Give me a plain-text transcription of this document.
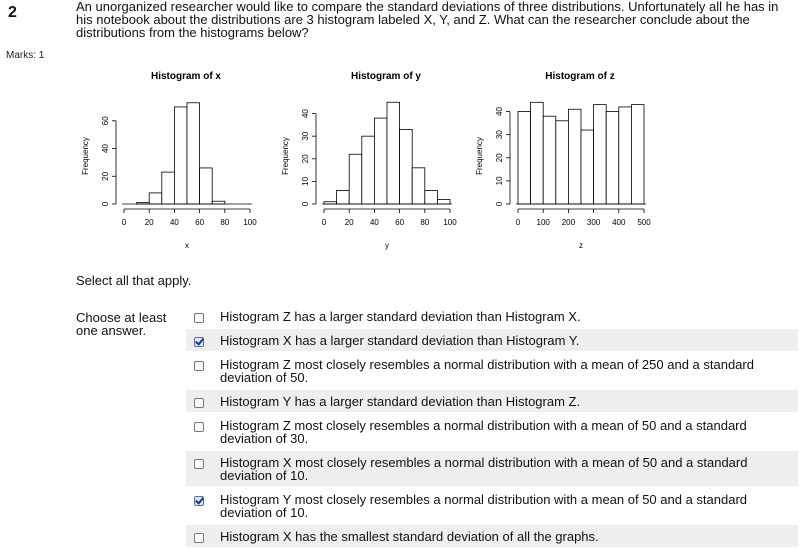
2
Marks: 1
An unorganized researcher would like to compare the standard deviations of three distributions. Unfortunately all he has in his notebook about the distributions are 3 histogram labeled X, Y, and Z. What can the researcher conclude about the distributions from the histograms below?
Histogram of x
0 20 40 60 80 100
x
0
20
40
60
Frequency
Histogram of y
0 20 40 60 80 100
y
0
10
20
30
40
Frequency
Histogram of z
0 100 200 300 400 500
z
0
10
20
30
40
Frequency
Select all that apply.
Choose at least one answer.
Histogram Z has a larger standard deviation than Histogram X.
Histogram X has a larger standard deviation than Histogram Y.
Histogram Z most closely resembles a normal distribution with a mean of 250 and a standard deviation of 50.
Histogram Y has a larger standard deviation than Histogram Z.
Histogram Z most closely resembles a normal distribution with a mean of 50 and a standard deviation of 30.
Histogram X most closely resembles a normal distribution with a mean of 50 and a standard deviation of 10.
Histogram Y most closely resembles a normal distribution with a mean of 50 and a standard deviation of 10.
Histogram X has the smallest standard deviation of all the graphs.
